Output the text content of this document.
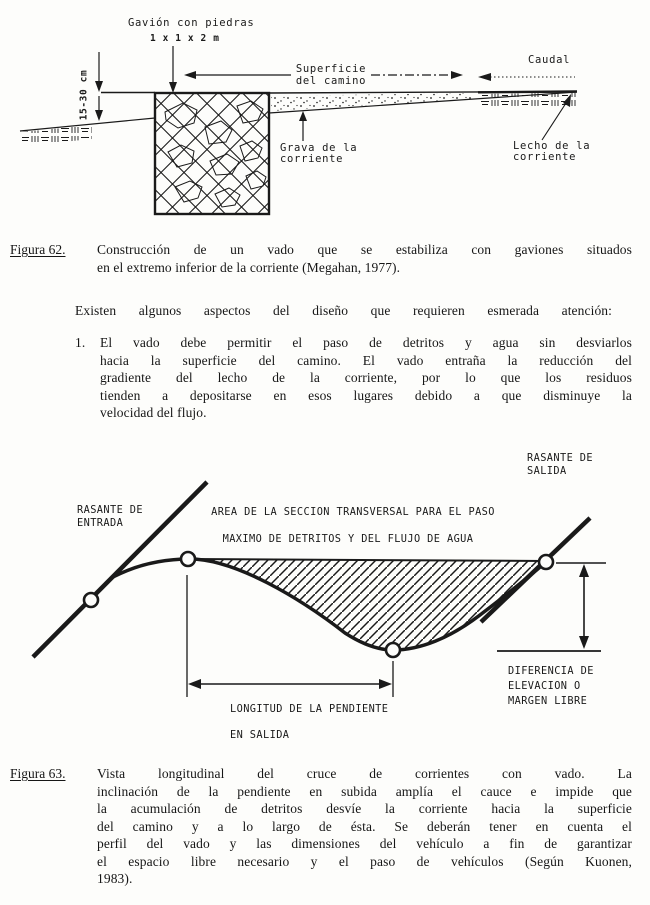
Gavión con piedras
1 x 1 x 2 m
15-30 cm
Superficie
del camino
Caudal
Grava de la
corriente
Lecho de la
corriente
Figura 62. Construcción de un vado que se estabiliza con gaviones situados
en el extremo inferior de la corriente (Megahan, 1977).
Existen algunos aspectos del diseño que requieren esmerada atención:
1.	El vado debe permitir el paso de detritos y agua sin desviarlos
hacia la superficie del camino. El vado entraña la reducción del
gradiente del lecho de la corriente, por lo que los residuos
tienden a depositarse en esos lugares debido a que disminuye la
velocidad del flujo.
LONGITUD DE LA PENDIENTE
EN SALIDA
DIFERENCIA DE
ELEVACION O
MARGEN LIBRE
RASANTE DE
ENTRADA
RASANTE DE
SALIDA
AREA DE LA SECCION TRANSVERSAL PARA EL PASO
MAXIMO DE DETRITOS Y DEL FLUJO DE AGUA
Figura 63. Vista longitudinal del cruce de corrientes con vado. La
inclinación de la pendiente en subida amplía el cauce e impide que
la acumulación de detritos desvíe la corriente hacia la superficie
del camino y a lo largo de ésta. Se deberán tener en cuenta el
perfil del vado y las dimensiones del vehículo a fin de garantizar
el espacio libre necesario y el paso de vehículos (Según Kuonen,
1983).
